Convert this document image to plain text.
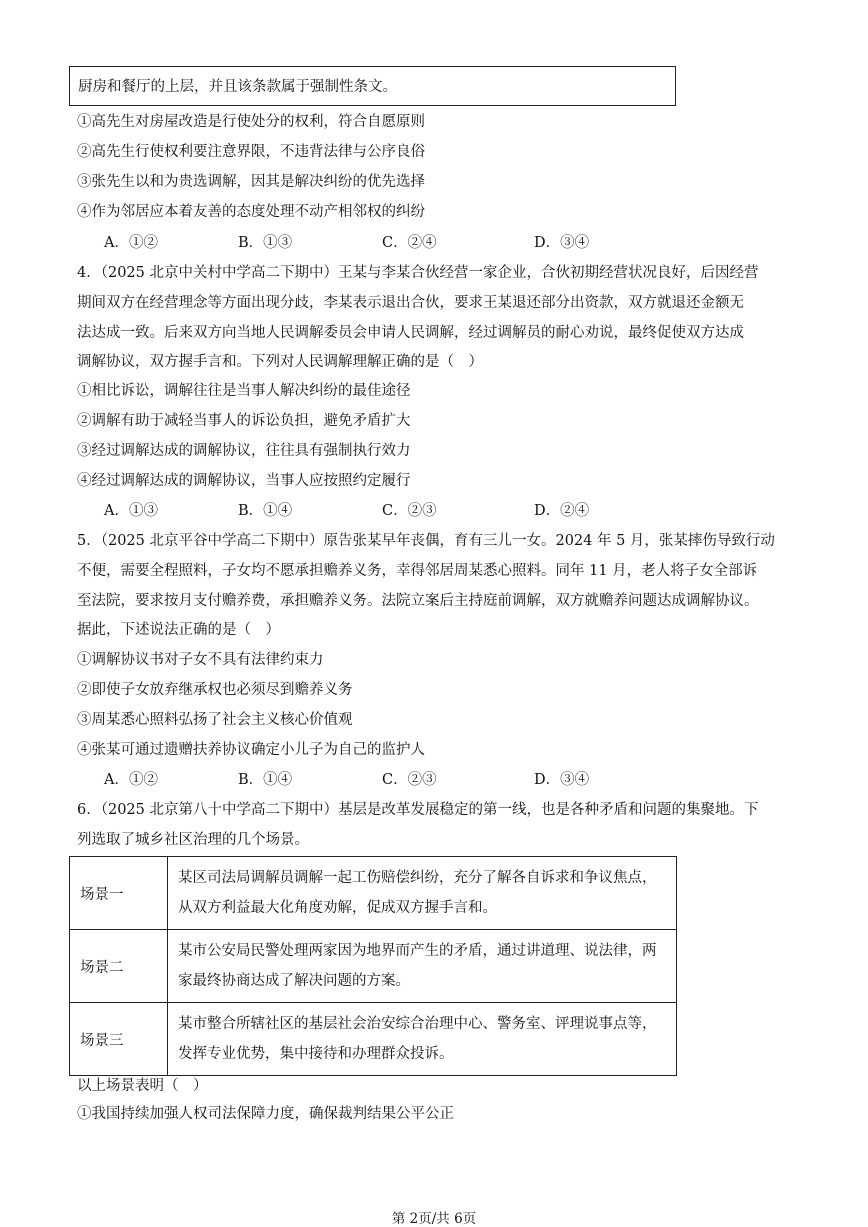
厨房和餐厅的上层，并且该条款属于强制性条文。
①高先生对房屋改造是行使处分的权利，符合自愿原则
②高先生行使权利要注意界限，不违背法律与公序良俗
③张先生以和为贵选调解，因其是解决纠纷的优先选择
④作为邻居应本着友善的态度处理不动产相邻权的纠纷
A．①②	B．①③	C．②④	D．③④
4．（2025 北京中关村中学高二下期中）王某与李某合伙经营一家企业，合伙初期经营状况良好，后因经营
期间双方在经营理念等方面出现分歧，李某表示退出合伙，要求王某退还部分出资款，双方就退还金额无
法达成一致。后来双方向当地人民调解委员会申请人民调解，经过调解员的耐心劝说，最终促使双方达成
调解协议，双方握手言和。下列对人民调解理解正确的是（　）
①相比诉讼，调解往往是当事人解决纠纷的最佳途径
②调解有助于减轻当事人的诉讼负担，避免矛盾扩大
③经过调解达成的调解协议，往往具有强制执行效力
④经过调解达成的调解协议，当事人应按照约定履行
A．①③	B．①④	C．②③	D．②④
5．（2025 北京平谷中学高二下期中）原告张某早年丧偶，育有三儿一女。2024 年 5 月，张某摔伤导致行动
不便，需要全程照料，子女均不愿承担赡养义务，幸得邻居周某悉心照料。同年 11 月，老人将子女全部诉
至法院，要求按月支付赡养费，承担赡养义务。法院立案后主持庭前调解，双方就赡养问题达成调解协议。
据此，下述说法正确的是（　）
①调解协议书对子女不具有法律约束力
②即使子女放弃继承权也必须尽到赡养义务
③周某悉心照料弘扬了社会主义核心价值观
④张某可通过遗赠扶养协议确定小儿子为自己的监护人
A．①②	B．①④	C．②③	D．③④
6．（2025 北京第八十中学高二下期中）基层是改革发展稳定的第一线，也是各种矛盾和问题的集聚地。下
列选取了城乡社区治理的几个场景。
场景一	某区司法局调解员调解一起工伤赔偿纠纷，充分了解各自诉求和争议焦点，从双方利益最大化角度劝解，促成双方握手言和。
场景二	某市公安局民警处理两家因为地界而产生的矛盾，通过讲道理、说法律，两家最终协商达成了解决问题的方案。
场景三	某市整合所辖社区的基层社会治安综合治理中心、警务室、评理说事点等，发挥专业优势，集中接待和办理群众投诉。
以上场景表明（　）
①我国持续加强人权司法保障力度，确保裁判结果公平公正
第 2页/共 6页
